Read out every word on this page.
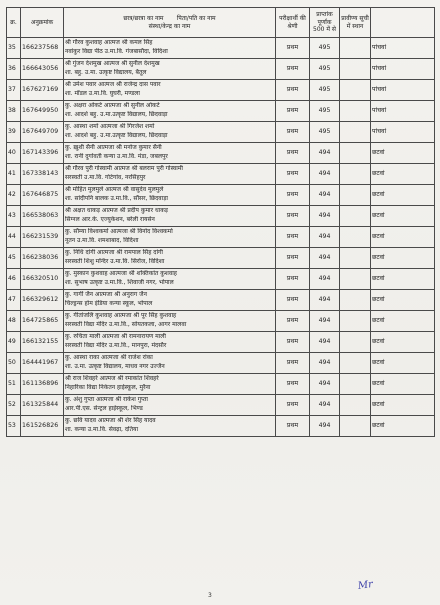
क्र.	अनुक्रमांक	छात्र/छात्रा का नाम पिता/पति का नाम
संस्था/केन्द्र का नाम	परीक्षार्थी की श्रेणी	प्राप्तांक पूर्णांक 500 में से	प्रावीण्य सूची में स्थान	
35	166237568	श्री गौरव कुशवाह आत्मज श्री कमल सिंह
नवांकुर विद्या पीठ उ.मा.वि. गंजबासौदा, विदिशा	प्रथम	495		पांचवां
36	166643056	श्री गुंजन देशमुख आत्मज श्री सुनील देशमुख
शा. बहु. उ.मा. उत्कृष्ट विद्यालय, बैतूल	प्रथम	495		पांचवां
37	167627169	श्री उमेश पवार आत्मज श्री राजेन्द्र दास पवार
शा. मॉडल उ.मा.वि. घुघरी, मण्डला	प्रथम	495		पांचवां
38	167649950	कु. अक्षरा ओकटे आत्मजा श्री सुनील ओकटे
शा. आदर्श बहु. उ.मा.उत्कृष्ट विद्यालय, छिंदवाड़ा	प्रथम	495		पांचवां
39	167649709	कु. आस्था शर्मा आत्मजा श्री गिरजेश शर्मा
शा. आदर्श बहु. उ.मा.उत्कृष्ट विद्यालय, छिंदवाड़ा	प्रथम	495		पांचवां
40	167143396	कु. ख़ुशी सैनी आत्मजा श्री मनोज कुमार सैनी
शा. रानी दुर्गावती कन्या उ.मा.वि. मंडा, जबलपुर	प्रथम	494		छटवां
41	167338143	श्री गौरव पुरी गोस्वामी आत्मज श्री बलराम पुरी गोस्वामी
सरस्वती उ.मा.वि. गोटेगांव, नरसिंहपुर	प्रथम	494		छटवां
42	167646875	श्री मोहित मुलमुले आत्मज श्री वासुदेव मुलमुले
शा. सांदीपनि बालक उ.मा.वि., सौंसर, छिंदवाड़ा	प्रथम	494		छटवां
43	166538063	श्री अक्षत धाकड़ आत्मज श्री प्रदीप कुमार धाकड़
सिग्नल आर.के. एज्युकेशन, बरेली रायसेन	प्रथम	494		छटवां
44	166231539	कु. सौम्या विश्वकर्मा आत्मजा श्री विनोद विश्वकर्मा
नूतन उ.मा.वि. शमशाबाद, विदिशा	प्रथम	494		छटवां
45	166238036	कु. निधि दांगी आत्मजा श्री रामपाल सिंह दांगी
सरस्वती शिशु मन्दिर उ.मा.वि. सिरोंज, विदिशा	प्रथम	494		छटवां
46	166320510	कु. मुस्कान कुशवाह आत्मजा श्री शक्तिकांत कुशवाह
शा. सुभाष उत्कृष्ट उ.मा.वि., शिवाजी नगर, भोपाल	प्रथम	494		छटवां
47	166329612	कु. गार्गी जैन आत्मजा श्री अनुराग जैन
चिल्ड्रन्स होम इंडिया कन्या स्कूल, भोपाल	प्रथम	494		छटवां
48	164725865	कु. गीतांजलि कुशवाह आत्मजा श्री पूर सिंह कुशवाह
सरस्वती विद्या मंदिर उ.मा.वि., सोयतकला, आगर मालवा	प्रथम	494		छटवां
49	166132155	कु. रुचिता माली आत्मजा श्री रामनारायण माली
सरस्वती विद्या मंदिर उ.मा.वि., मानपुरा, मंदसौर	प्रथम	494		छटवां
50	164441967	कु. आस्था राका आत्मजा श्री राजेश रांका
शा. उ.मा. उत्कृष्ट विद्यालय, माधव नगर उज्जैन	प्रथम	494		छटवां
51	161136896	श्री राज शिवहरे आत्मज श्री रमाकांत शिवहरे
निहारिका विद्या निकेतन हाईस्कूल, मुरैना	प्रथम	494		छटवां
52	161325844	कु. अंशु गुप्ता आत्मजा श्री राकेश गुप्ता
आर.पी.एस. सेन्ट्रल हाईस्कूल, भिण्ड	प्रथम	494		छटवां
53	161526826	कु. छवि यादव आत्मजा श्री शेर सिंह यादव
शा. कन्या उ.मा.वि. सेवढ़ा, दतिया	प्रथम	494		छटवां
3
Mr
